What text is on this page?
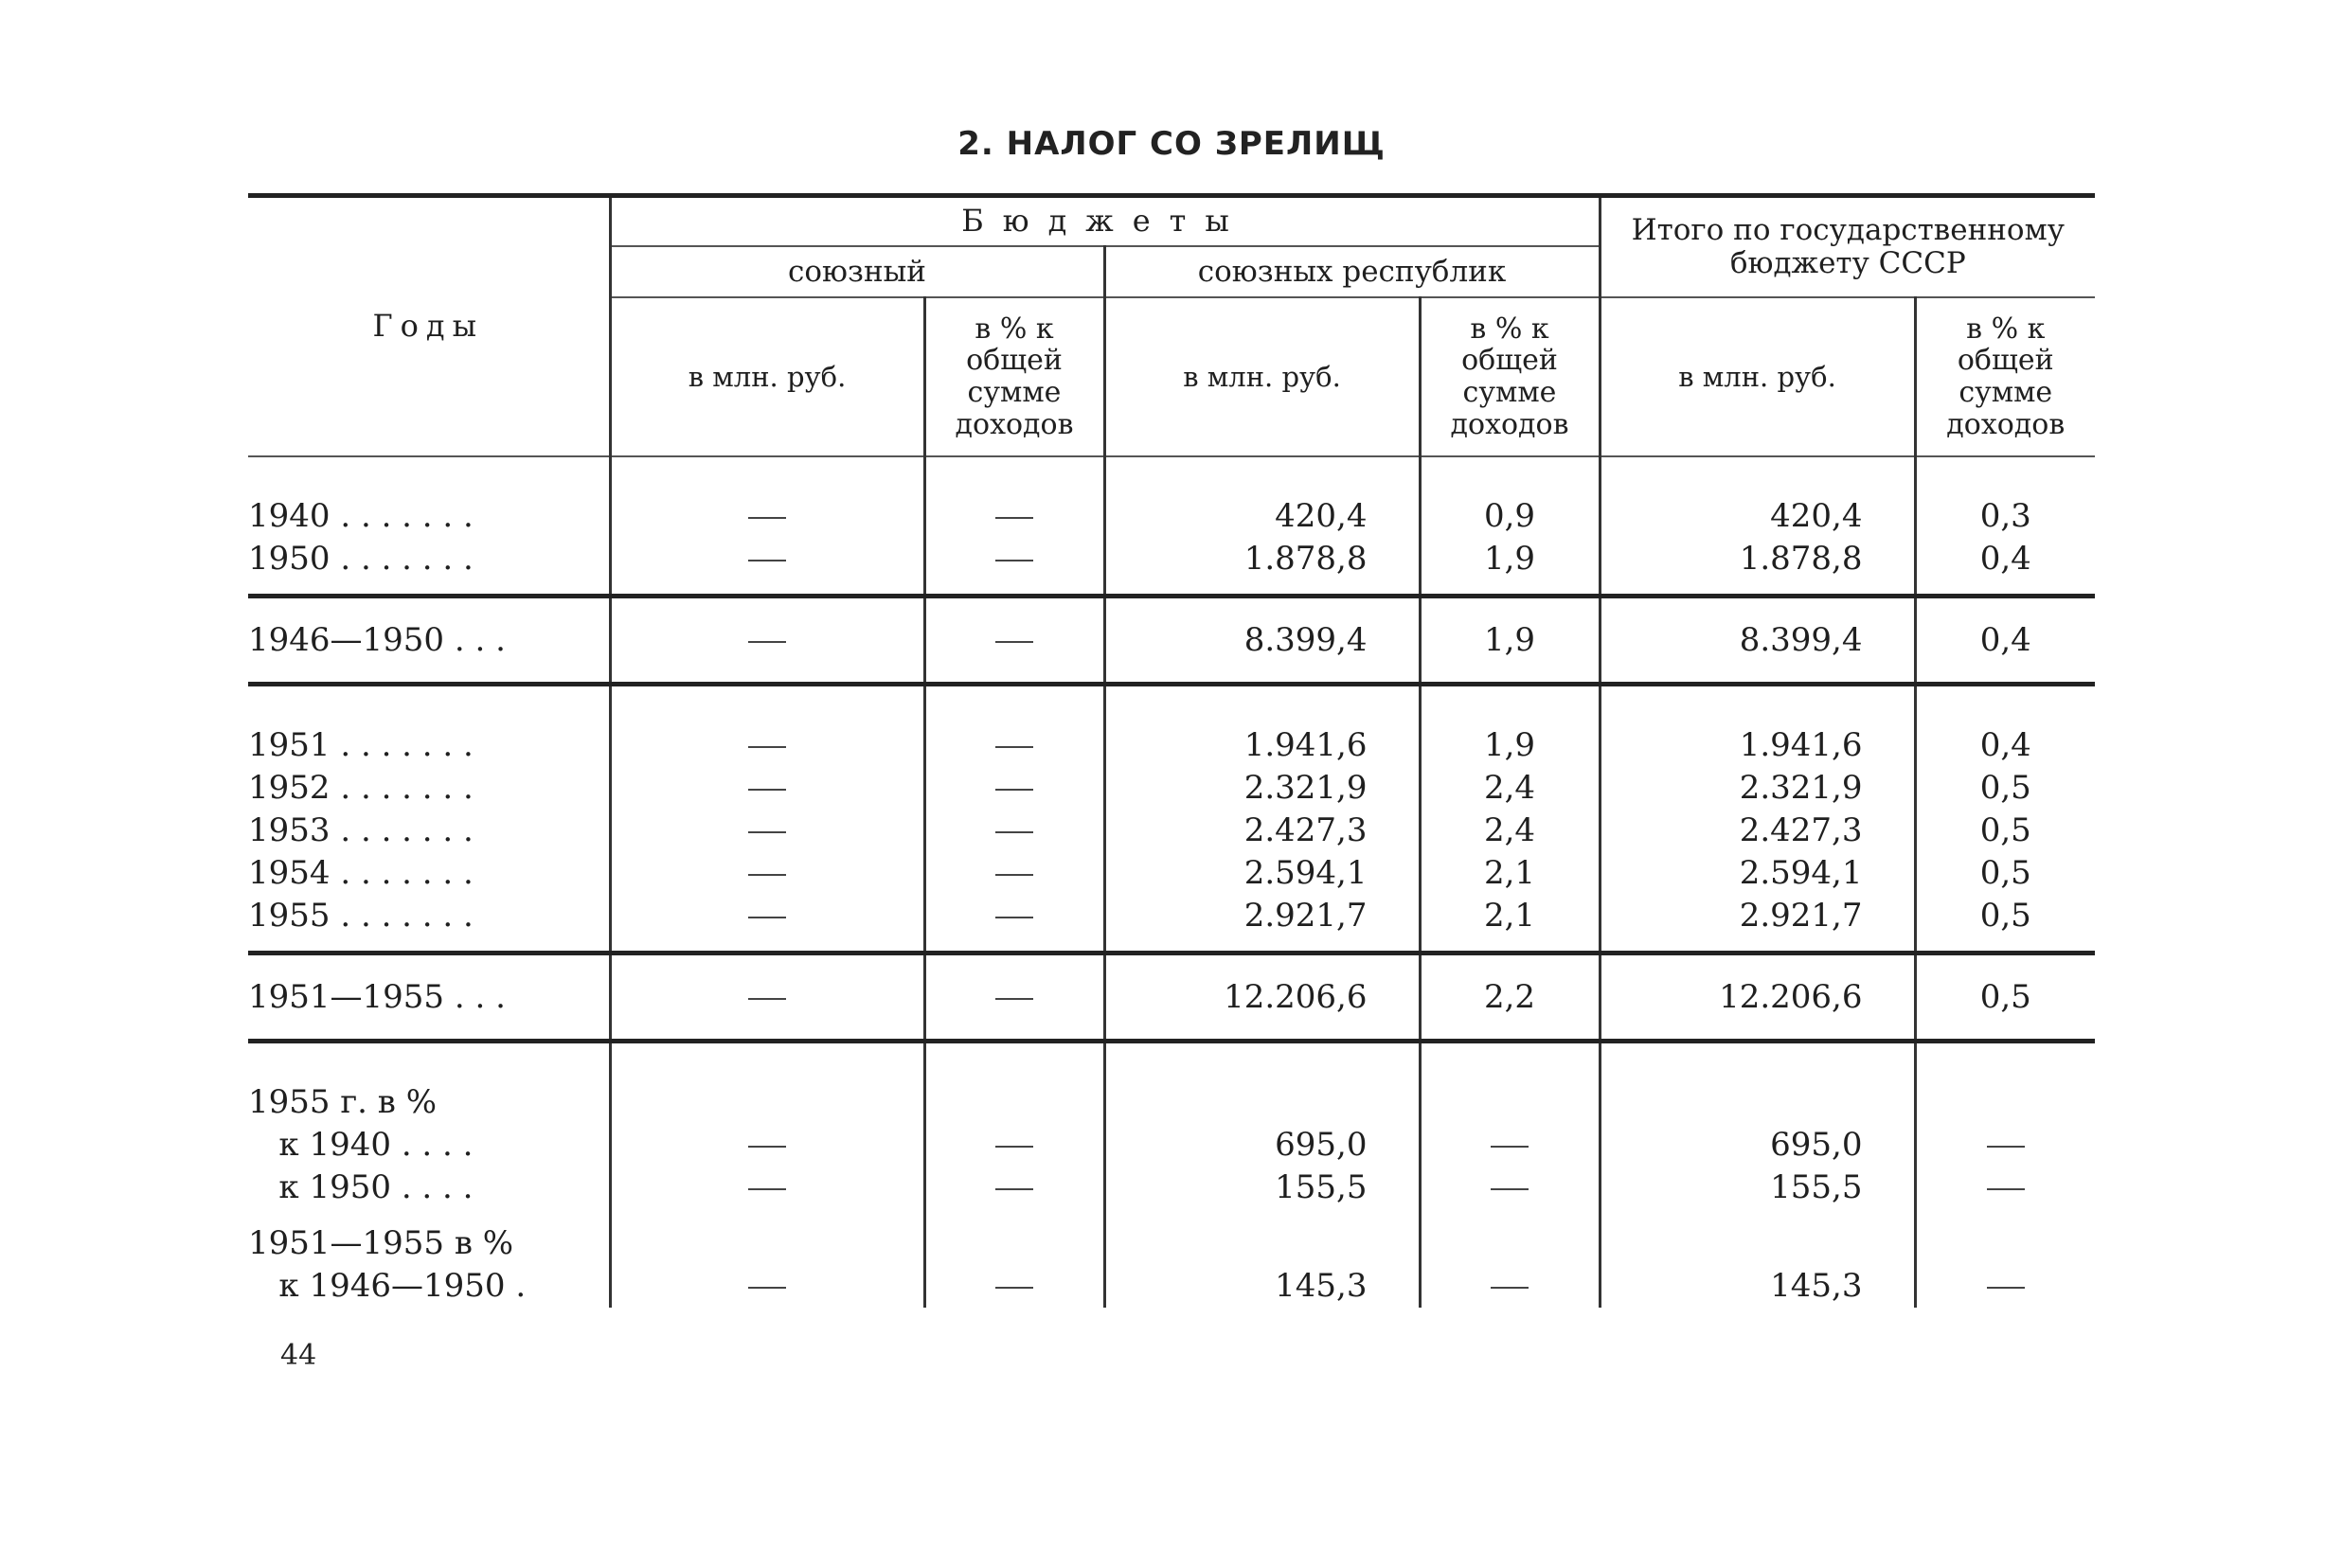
2. НАЛОГ СО ЗРЕЛИЩ
Годы	Бюджеты				Итого по государственному бюджету СССР	
	союзный		союзных республик			
	в млн. руб.	в % к общей сумме доходов	в млн. руб.	в % к общей сумме доходов	в млн. руб.	в % к общей сумме доходов

1940 . . . . . . .			420,4	0,9	420,4	0,3
1950 . . . . . . .			1.878,8	1,9	1.878,8	0,4

1946—1950 . . .			8.399,4	1,9	8.399,4	0,4

1951 . . . . . . .			1.941,6	1,9	1.941,6	0,4
1952 . . . . . . .			2.321,9	2,4	2.321,9	0,5
1953 . . . . . . .			2.427,3	2,4	2.427,3	0,5
1954 . . . . . . .			2.594,1	2,1	2.594,1	0,5
1955 . . . . . . .			2.921,7	2,1	2.921,7	0,5

1951—1955 . . .			12.206,6	2,2	12.206,6	0,5

1955 г. в %						
к 1940 . . . .			695,0		695,0	
к 1950 . . . .			155,5		155,5	

1951—1955 в %						
к 1946—1950 .			145,3		145,3	
44
